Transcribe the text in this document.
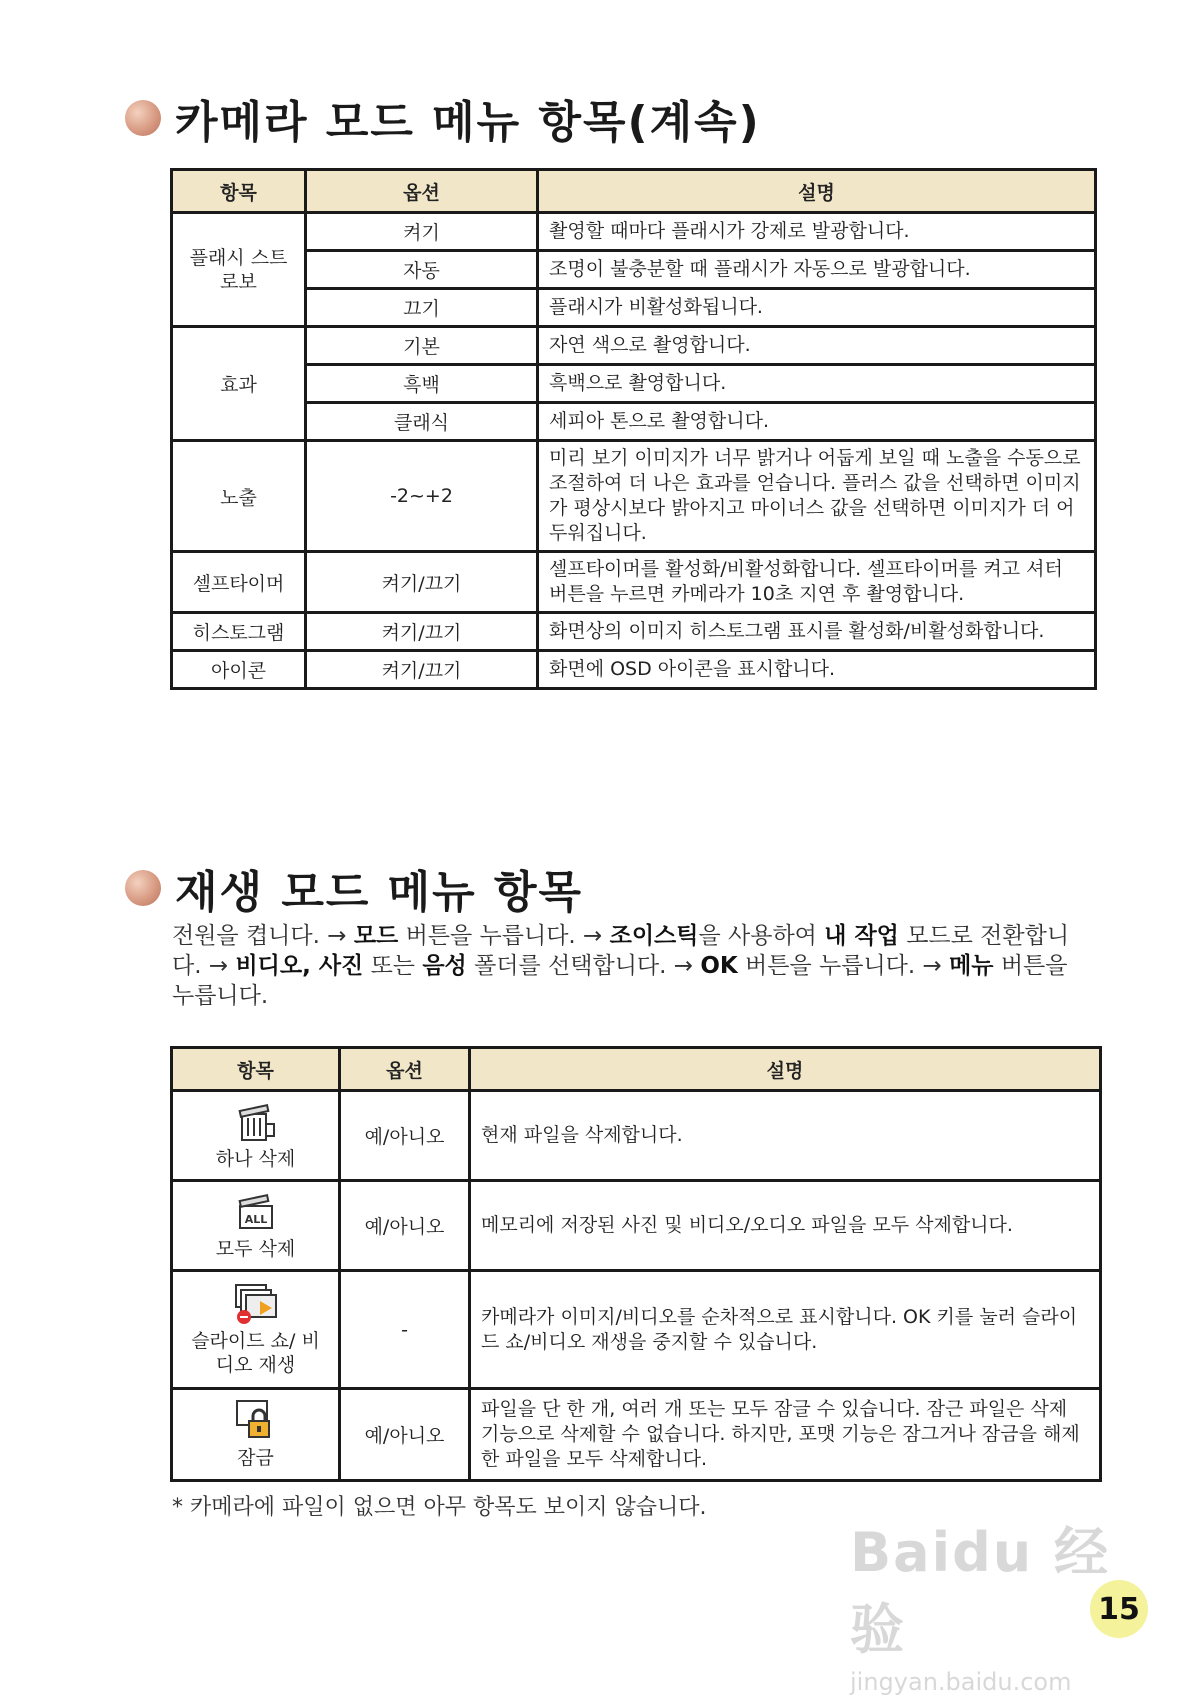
카메라 모드 메뉴 항목(계속)
항목	옵션	설명
플래시 스트로보	켜기	촬영할 때마다 플래시가 강제로 발광합니다.
	자동	조명이 불충분할 때 플래시가 자동으로 발광합니다.
	끄기	플래시가 비활성화됩니다.
효과	기본	자연 색으로 촬영합니다.
	흑백	흑백으로 촬영합니다.
	클래식	세피아 톤으로 촬영합니다.
노출	-2~+2	미리 보기 이미지가 너무 밝거나 어둡게 보일 때 노출을 수동으로 조절하여 더 나은 효과를 얻습니다. 플러스 값을 선택하면 이미지가 평상시보다 밝아지고 마이너스 값을 선택하면 이미지가 더 어두워집니다.
셀프타이머	켜기/끄기	셀프타이머를 활성화/비활성화합니다. 셀프타이머를 켜고 셔터 버튼을 누르면 카메라가 10초 지연 후 촬영합니다.
히스토그램	켜기/끄기	화면상의 이미지 히스토그램 표시를 활성화/비활성화합니다.
아이콘	켜기/끄기	화면에 OSD 아이콘을 표시합니다.
재생 모드 메뉴 항목
전원을 켭니다. → 모드 버튼을 누릅니다. → 조이스틱을 사용하여 내 작업 모드로 전환합니다. → 비디오, 사진 또는 음성 폴더를 선택합니다. → OK 버튼을 누릅니다. → 메뉴 버튼을 누릅니다.
항목	옵션	설명

하나 삭제	예/아니오	현재 파일을 삭제합니다.

ALL
모두 삭제	예/아니오	메모리에 저장된 사진 및 비디오/오디오 파일을 모두 삭제합니다.

슬라이드 쇼/ 비디오 재생	-	카메라가 이미지/비디오를 순차적으로 표시합니다. OK 키를 눌러 슬라이드 쇼/비디오 재생을 중지할 수 있습니다.

잠금	예/아니오	파일을 단 한 개, 여러 개 또는 모두 잠글 수 있습니다. 잠근 파일은 삭제 기능으로 삭제할 수 없습니다. 하지만, 포맷 기능은 잠그거나 잠금을 해제한 파일을 모두 삭제합니다.
* 카메라에 파일이 없으면 아무 항목도 보이지 않습니다.
Baidu 经验
jingyan.baidu.com
15
